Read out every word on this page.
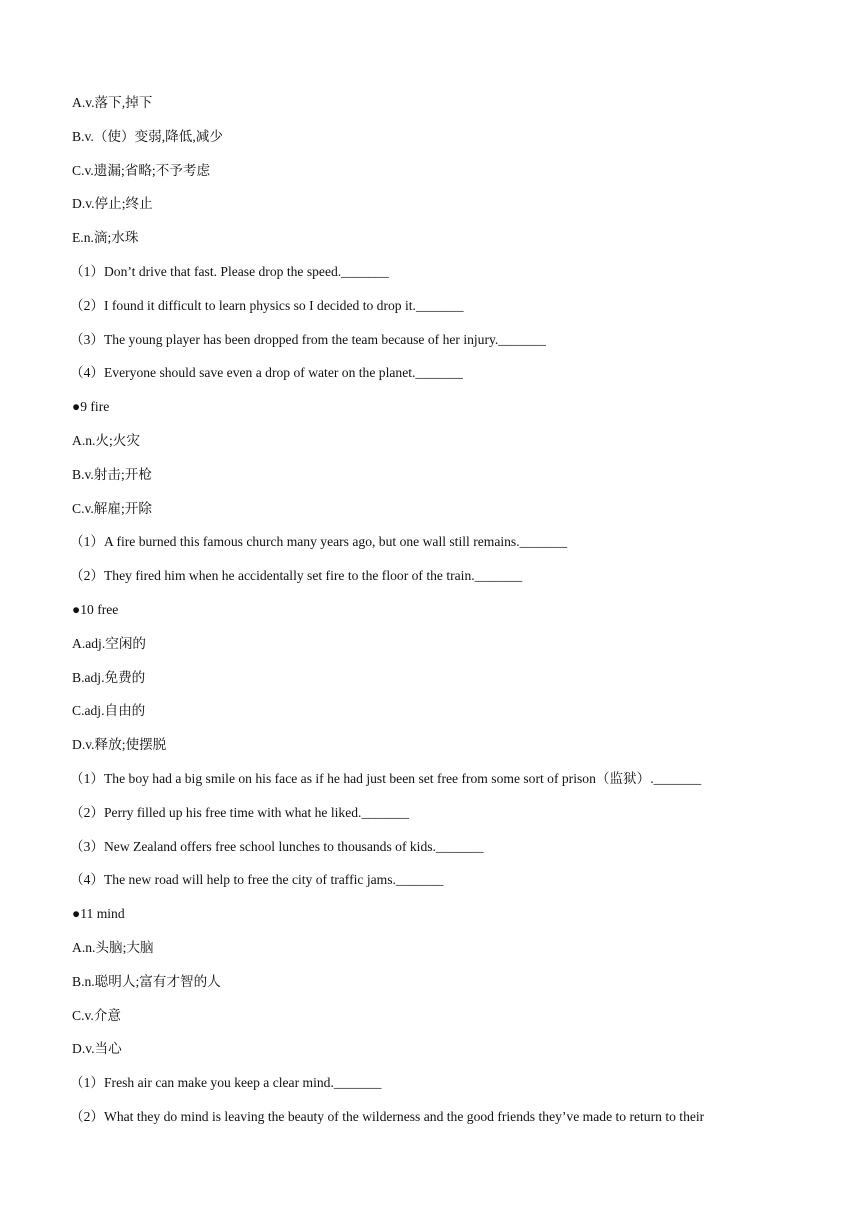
A.v.落下,掉下
B.v.（使）变弱,降低,减少
C.v.遗漏;省略;不予考虑
D.v.停止;终止
E.n.滴;水珠
（1）Don’t drive that fast. Please drop the speed._______
（2）I found it difficult to learn physics so I decided to drop it._______
（3）The young player has been dropped from the team because of her injury._______
（4）Everyone should save even a drop of water on the planet._______
●9 fire
A.n.火;火灾
B.v.射击;开枪
C.v.解雇;开除
（1）A fire burned this famous church many years ago, but one wall still remains._______
（2）They fired him when he accidentally set fire to the floor of the train._______
●10 free
A.adj.空闲的
B.adj.免费的
C.adj.自由的
D.v.释放;使摆脱
（1）The boy had a big smile on his face as if he had just been set free from some sort of prison（监狱）._______
（2）Perry filled up his free time with what he liked._______
（3）New Zealand offers free school lunches to thousands of kids._______
（4）The new road will help to free the city of traffic jams._______
●11 mind
A.n.头脑;大脑
B.n.聪明人;富有才智的人
C.v.介意
D.v.当心
（1）Fresh air can make you keep a clear mind._______
（2）What they do mind is leaving the beauty of the wilderness and the good friends they’ve made to return to their
